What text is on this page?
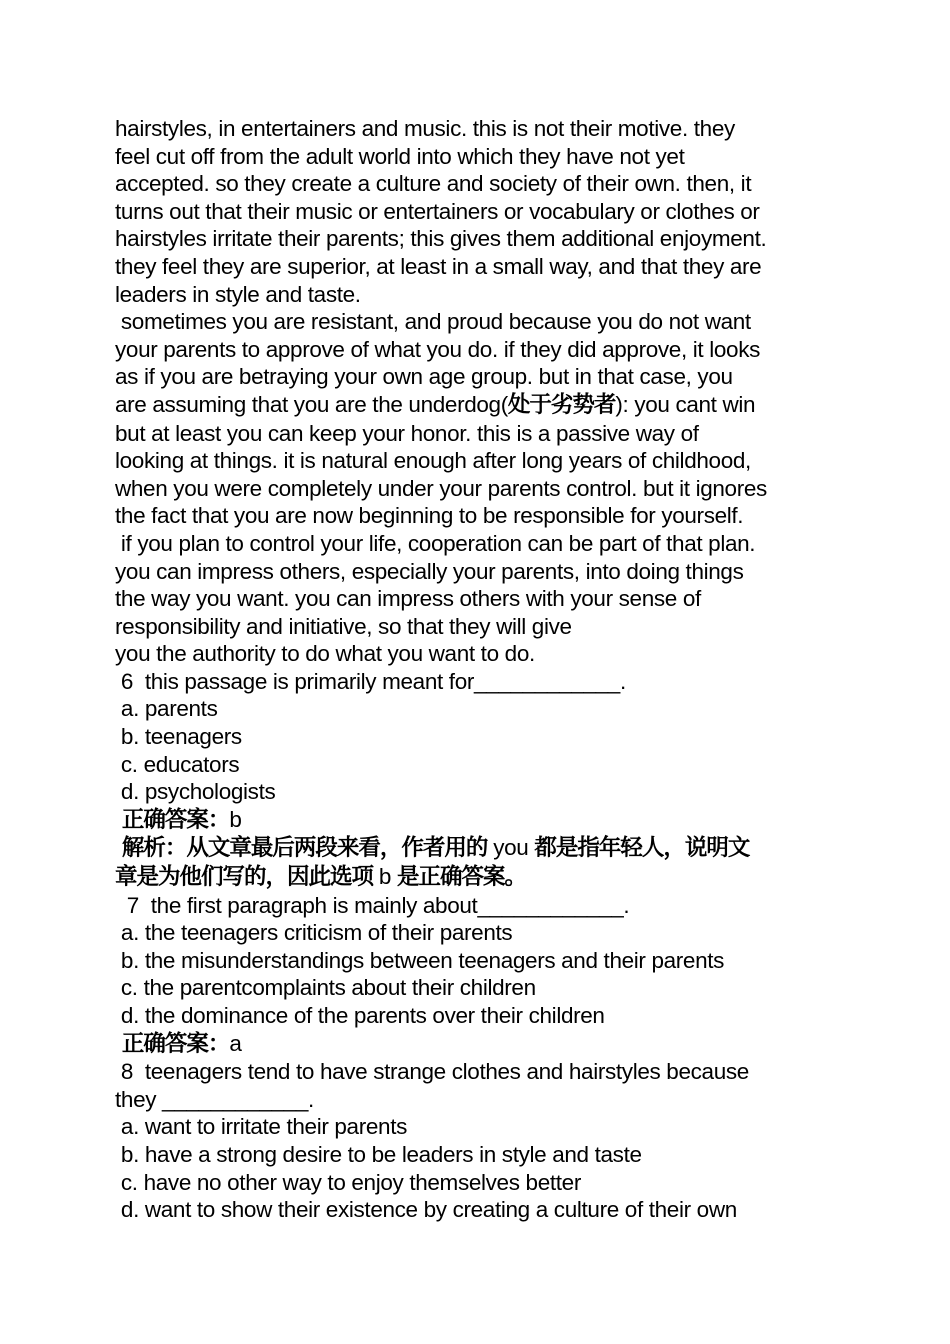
hairstyles, in entertainers and music. this is not their motive. they
feel cut off from the adult world into which they have not yet
accepted. so they create a culture and society of their own. then, it
turns out that their music or entertainers or vocabulary or clothes or
hairstyles irritate their parents; this gives them additional enjoyment.
they feel they are superior, at least in a small way, and that they are
leaders in style and taste.
sometimes you are resistant, and proud because you do not want
your parents to approve of what you do. if they did approve, it looks
as if you are betraying your own age group. but in that case, you
are assuming that you are the underdog(处于劣势者): you cant win
but at least you can keep your honor. this is a passive way of
looking at things. it is natural enough after long years of childhood,
when you were completely under your parents control. but it ignores
the fact that you are now beginning to be responsible for yourself.
if you plan to control your life, cooperation can be part of that plan.
you can impress others, especially your parents, into doing things
the way you want. you can impress others with your sense of
responsibility and initiative, so that they will give
you the authority to do what you want to do.
6  this passage is primarily meant for____________.
a. parents
b. teenagers
c. educators
d. psychologists
正确答案：b
解析：从文章最后两段来看，作者用的 you 都是指年轻人，说明文
章是为他们写的，因此选项 b 是正确答案。
7  the first paragraph is mainly about____________.
a. the teenagers criticism of their parents
b. the misunderstandings between teenagers and their parents
c. the parentcomplaints about their children
d. the dominance of the parents over their children
正确答案：a
8  teenagers tend to have strange clothes and hairstyles because
they ____________.
a. want to irritate their parents
b. have a strong desire to be leaders in style and taste
c. have no other way to enjoy themselves better
d. want to show their existence by creating a culture of their own
